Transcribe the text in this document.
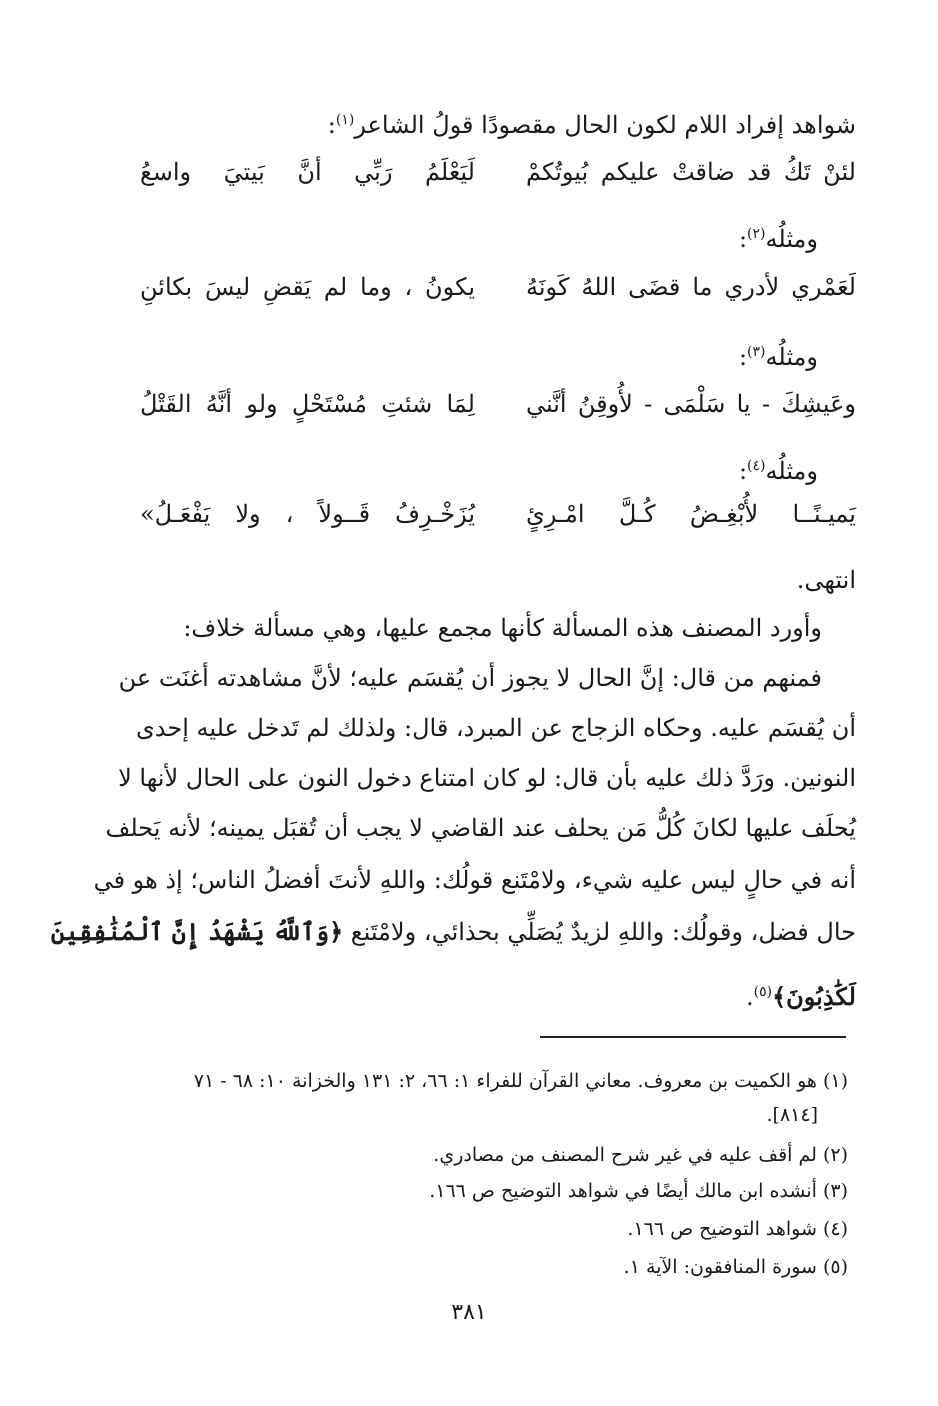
شواهد إفراد اللام لكون الحال مقصودًا قولُ الشاعر$^{(١)}$:
لئنْ تَكُ قد ضاقتْ عليكم بُيوتُكمْ
لَيَعْلَمُ رَبِّي أنَّ بَيتيَ واسعُ
ومثلُه$^{(٢)}$:
لَعَمْري لأدري ما قضَى اللهُ كَونَهُ
يكونُ ، وما لم يَقضِ ليسَ بكائنِ
ومثلُه$^{(٣)}$:
وعَيشِكَ - يا سَلْمَى - لأُوقِنُ أنَّني
لِمَا شئتِ مُسْتَحْلٍ ولو أنَّهُ القَتْلُ
ومثلُه$^{(٤)}$:
يَميـنًــا لأُبْغِـضُ كُـلَّ امْـرِئٍ
يُزَخْـرِفُ قَــولاً ، ولا يَفْعَـلُ»
انتهى.
وأورد المصنف هذه المسألة كأنها مجمع عليها، وهي مسألة خلاف:
فمنهم من قال: إنَّ الحال لا يجوز أن يُقسَم عليه؛ لأنَّ مشاهدته أغنَت عن
أن يُقسَم عليه. وحكاه الزجاج عن المبرد، قال: ولذلك لم تَدخل عليه إحدى
النونين. ورَدَّ ذلك عليه بأن قال: لو كان امتناع دخول النون على الحال لأنها لا
يُحلَف عليها لكانَ كُلُّ مَن يحلف عند القاضي لا يجب أن تُقبَل يمينه؛ لأنه يَحلف
أنه في حالٍ ليس عليه شيء، ولامْتَنع قولُك: واللهِ لأنتَ أفضلُ الناس؛ إذ هو في
حال فضل، وقولُك: واللهِ لزيدٌ يُصَلِّي بحذائي، ولامْتَنع ﴿وَٱللَّهُ يَشْهَدُ إِنَّ ٱلْمُنَٰفِقِينَ
لَكَٰذِبُونَ﴾$^{(٥)}$.
(١)هو الكميت بن معروف. معاني القرآن للفراء ١: ٦٦، ٢: ١٣١ والخزانة ١٠: ٦٨ - ٧١
[٨١٤].
(٢)لم أقف عليه في غير شرح المصنف من مصادري.
(٣)أنشده ابن مالك أيضًا في شواهد التوضيح ص ١٦٦.
(٤)شواهد التوضيح ص ١٦٦.
(٥)سورة المنافقون: الآية ١.
٣٨١
